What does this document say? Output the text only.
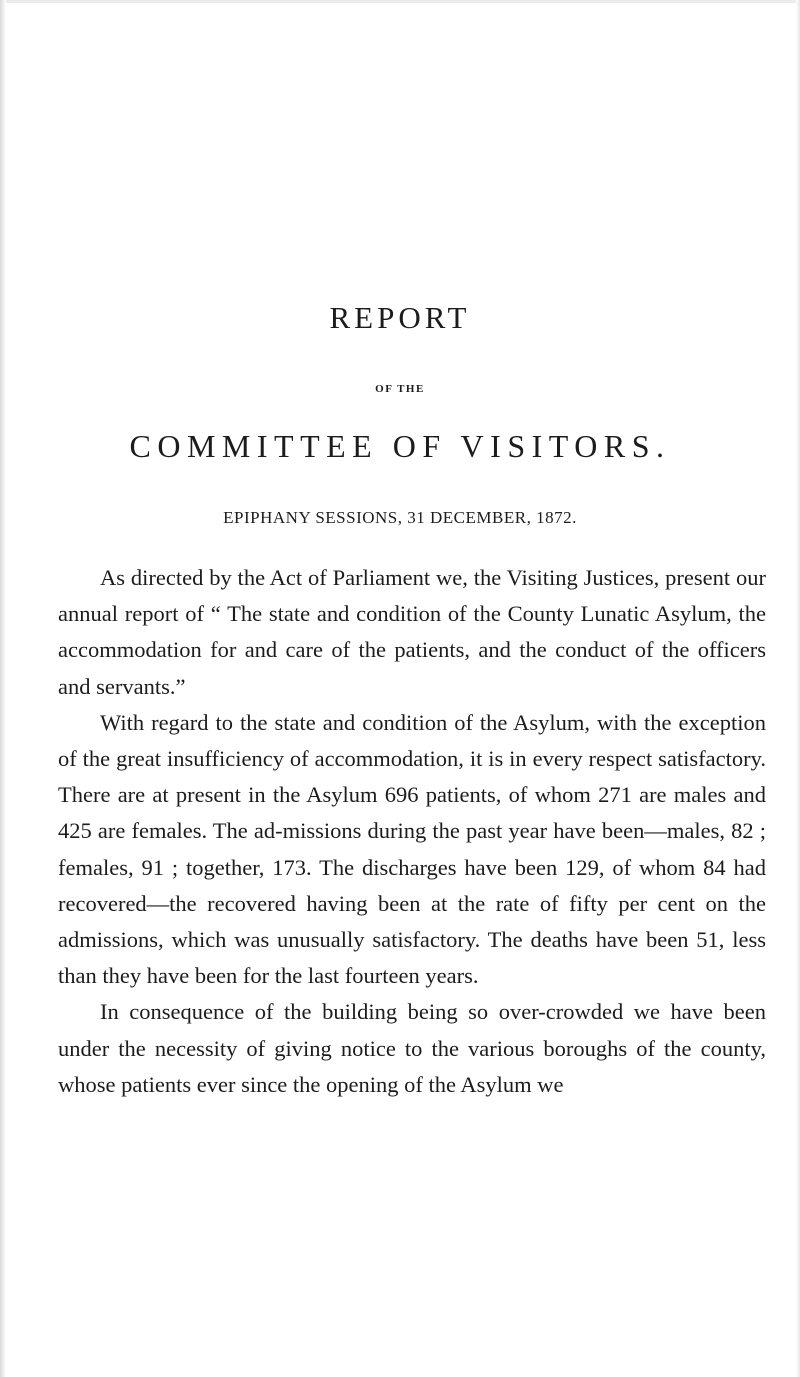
REPORT
OF THE
COMMITTEE OF VISITORS.
EPIPHANY SESSIONS, 31 DECEMBER, 1872.

As directed by the Act of Parliament we, the Visiting Justices, present our annual report of “ The state and condition of the County Lunatic Asylum, the accommodation for and care of the patients, and the conduct of the officers and servants.”

With regard to the state and condition of the Asylum, with the exception of the great insufficiency of accommodation, it is in every respect satisfactory. There are at present in the Asylum 696 patients, of whom 271 are males and 425 are females. The ad-missions during the past year have been—males, 82 ; females, 91 ; together, 173. The discharges have been 129, of whom 84 had recovered—the recovered having been at the rate of fifty per cent on the admissions, which was unusually satisfactory. The deaths have been 51, less than they have been for the last fourteen years.

In consequence of the building being so over-crowded we have been under the necessity of giving notice to the various boroughs of the county, whose patients ever since the opening of the Asylum we
